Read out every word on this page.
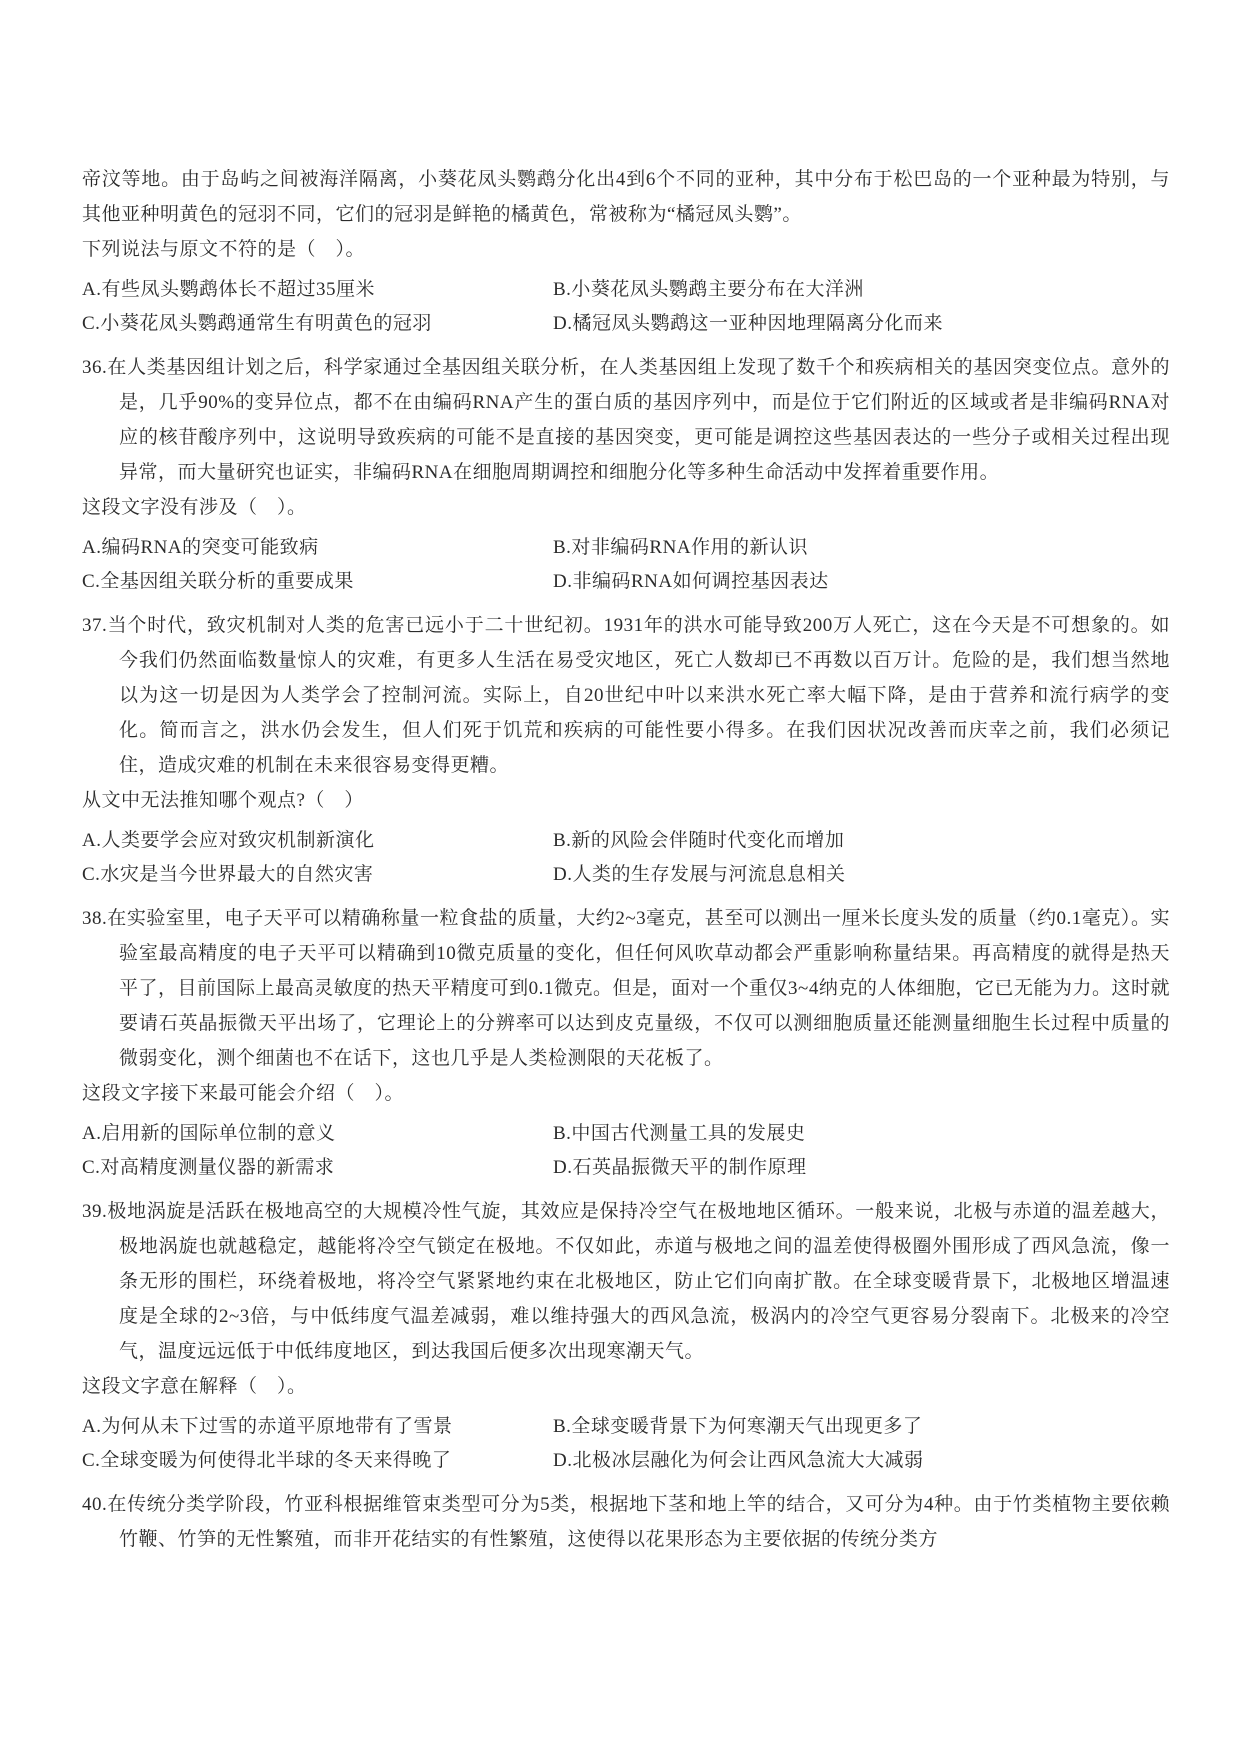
帝汶等地。由于岛屿之间被海洋隔离，小葵花凤头鹦鹉分化出4到6个不同的亚种，其中分布于松巴岛的一个亚种最为特别，与其他亚种明黄色的冠羽不同，它们的冠羽是鲜艳的橘黄色，常被称为“橘冠凤头鹦”。

下列说法与原文不符的是（　）。

A.有些凤头鹦鹉体长不超过35厘米	B.小葵花凤头鹦鹉主要分布在大洋洲
C.小葵花凤头鹦鹉通常生有明黄色的冠羽	D.橘冠凤头鹦鹉这一亚种因地理隔离分化而来

36.在人类基因组计划之后，科学家通过全基因组关联分析，在人类基因组上发现了数千个和疾病相关的基因突变位点。意外的是，几乎90%的变异位点，都不在由编码RNA产生的蛋白质的基因序列中，而是位于它们附近的区域或者是非编码RNA对应的核苷酸序列中，这说明导致疾病的可能不是直接的基因突变，更可能是调控这些基因表达的一些分子或相关过程出现异常，而大量研究也证实，非编码RNA在细胞周期调控和细胞分化等多种生命活动中发挥着重要作用。

这段文字没有涉及（　）。

A.编码RNA的突变可能致病	B.对非编码RNA作用的新认识
C.全基因组关联分析的重要成果	D.非编码RNA如何调控基因表达

37.当个时代，致灾机制对人类的危害已远小于二十世纪初。1931年的洪水可能导致200万人死亡，这在今天是不可想象的。如今我们仍然面临数量惊人的灾难，有更多人生活在易受灾地区，死亡人数却已不再数以百万计。危险的是，我们想当然地以为这一切是因为人类学会了控制河流。实际上，自20世纪中叶以来洪水死亡率大幅下降，是由于营养和流行病学的变化。简而言之，洪水仍会发生，但人们死于饥荒和疾病的可能性要小得多。在我们因状况改善而庆幸之前，我们必须记住，造成灾难的机制在未来很容易变得更糟。

从文中无法推知哪个观点?（　）

A.人类要学会应对致灾机制新演化	B.新的风险会伴随时代变化而增加
C.水灾是当今世界最大的自然灾害	D.人类的生存发展与河流息息相关

38.在实验室里，电子天平可以精确称量一粒食盐的质量，大约2~3毫克，甚至可以测出一厘米长度头发的质量（约0.1毫克）。实验室最高精度的电子天平可以精确到10微克质量的变化，但任何风吹草动都会严重影响称量结果。再高精度的就得是热天平了，目前国际上最高灵敏度的热天平精度可到0.1微克。但是，面对一个重仅3~4纳克的人体细胞，它已无能为力。这时就要请石英晶振微天平出场了，它理论上的分辨率可以达到皮克量级，不仅可以测细胞质量还能测量细胞生长过程中质量的微弱变化，测个细菌也不在话下，这也几乎是人类检测限的天花板了。

这段文字接下来最可能会介绍（　）。

A.启用新的国际单位制的意义	B.中国古代测量工具的发展史
C.对高精度测量仪器的新需求	D.石英晶振微天平的制作原理

39.极地涡旋是活跃在极地高空的大规模冷性气旋，其效应是保持冷空气在极地地区循环。一般来说，北极与赤道的温差越大，极地涡旋也就越稳定，越能将冷空气锁定在极地。不仅如此，赤道与极地之间的温差使得极圈外围形成了西风急流，像一条无形的围栏，环绕着极地，将冷空气紧紧地约束在北极地区，防止它们向南扩散。在全球变暖背景下，北极地区增温速度是全球的2~3倍，与中低纬度气温差减弱，难以维持强大的西风急流，极涡内的冷空气更容易分裂南下。北极来的冷空气，温度远远低于中低纬度地区，到达我国后便多次出现寒潮天气。

这段文字意在解释（　）。

A.为何从未下过雪的赤道平原地带有了雪景	B.全球变暖背景下为何寒潮天气出现更多了
C.全球变暖为何使得北半球的冬天来得晚了	D.北极冰层融化为何会让西风急流大大减弱

40.在传统分类学阶段，竹亚科根据维管束类型可分为5类，根据地下茎和地上竿的结合，又可分为4种。由于竹类植物主要依赖竹鞭、竹笋的无性繁殖，而非开花结实的有性繁殖，这使得以花果形态为主要依据的传统分类方
